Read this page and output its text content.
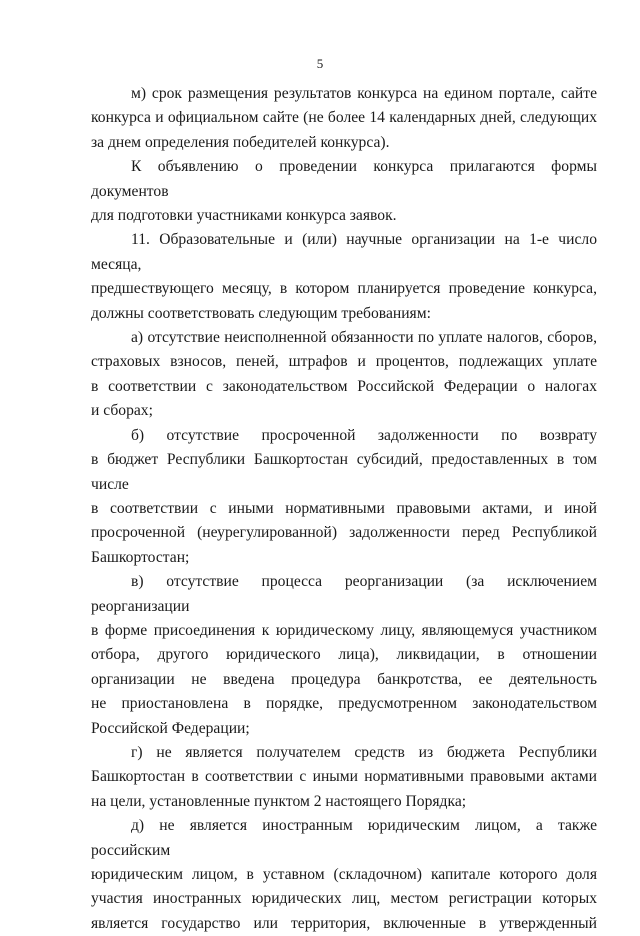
5

м) срок размещения результатов конкурса на едином портале, сайте
конкурса и официальном сайте (не более 14 календарных дней, следующих
за днем определения победителей конкурса).

К объявлению о проведении конкурса прилагаются формы документов
для подготовки участниками конкурса заявок.

11. Образовательные и (или) научные организации на 1-е число месяца,
предшествующего месяцу, в котором планируется проведение конкурса,
должны соответствовать следующим требованиям:

а) отсутствие неисполненной обязанности по уплате налогов, сборов,
страховых взносов, пеней, штрафов и процентов, подлежащих уплате
в соответствии с законодательством Российской Федерации о налогах
и сборах;

б) отсутствие просроченной задолженности по возврату
в бюджет Республики Башкортостан субсидий, предоставленных в том числе
в соответствии с иными нормативными правовыми актами, и иной
просроченной (неурегулированной) задолженности перед Республикой
Башкортостан;

в) отсутствие процесса реорганизации (за исключением реорганизации
в форме присоединения к юридическому лицу, являющемуся участником
отбора, другого юридического лица), ликвидации, в отношении
организации не введена процедура банкротства, ее деятельность
не приостановлена в порядке, предусмотренном законодательством
Российской Федерации;

г) не является получателем средств из бюджета Республики
Башкортостан в соответствии с иными нормативными правовыми актами
на цели, установленные пунктом 2 настоящего Порядка;

д) не является иностранным юридическим лицом, а также российским
юридическим лицом, в уставном (складочном) капитале которого доля
участия иностранных юридических лиц, местом регистрации которых
является государство или территория, включенные в утвержденный
